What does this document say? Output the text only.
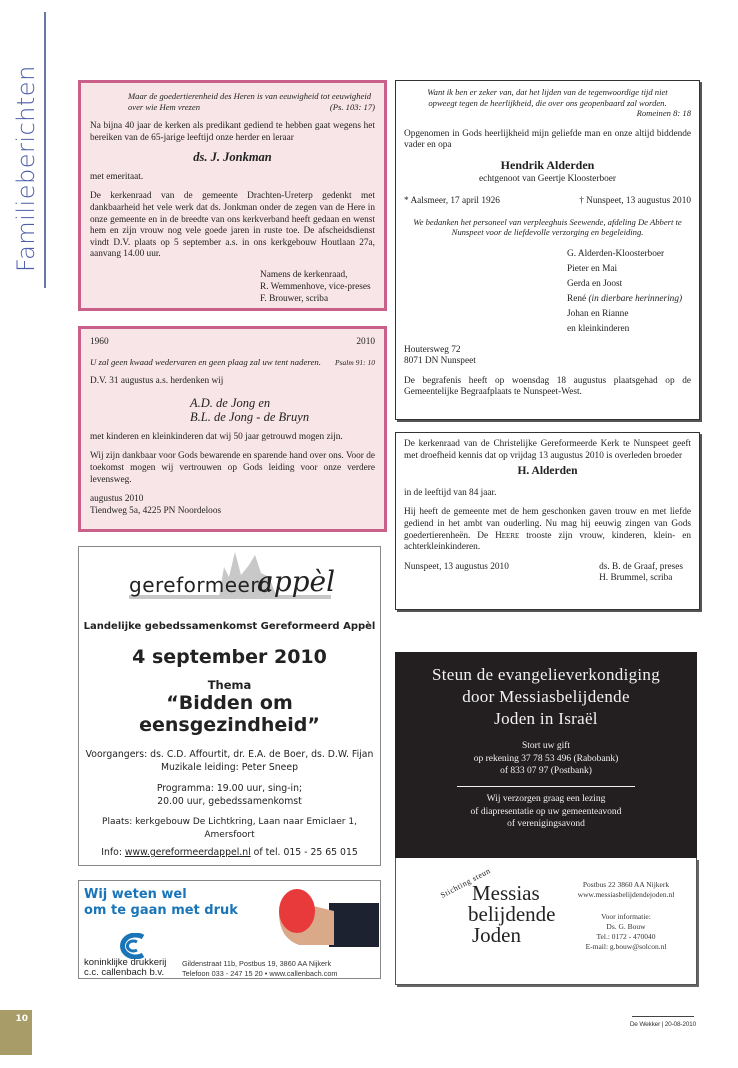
Familieberichten	Maar de goedertierenheid des Heren is van eeuwigheid tot eeuwigheid over wie Hem vrezen	(Ps. 103: 17)

Na bijna 40 jaar de kerken als predikant gediend te hebben gaat wegens het bereiken van de 65-jarige leeftijd onze herder en leraar

ds. J. Jonkman

met emeritaat.

De kerkenraad van de gemeente Drachten-Ureterp gedenkt met dankbaarheid het vele werk dat ds. Jonkman onder de zegen van de Here in onze gemeente en in de breedte van ons kerkverband heeft gedaan en wenst hem en zijn vrouw nog vele goede jaren in ruste toe. De afscheidsdienst vindt D.V. plaats op 5 september a.s. in ons kerkgebouw Houtlaan 27a, aanvang 14.00 uur.

Namens de kerkenraad,
R. Wemmenhove, vice-preses
F. Brouwer, scriba
1960	2010
U zal geen kwaad wedervaren en geen plaag zal uw tent naderen. Psalm 91: 10

D.V. 31 augustus a.s. herdenken wij

A.D. de Jong en
B.L. de Jong - de Bruyn

met kinderen en kleinkinderen dat wij 50 jaar getrouwd mogen zijn.

Wij zijn dankbaar voor Gods bewarende en sparende hand over ons. Voor de toekomst mogen wij vertrouwen op Gods leiding voor onze verdere levensweg.

augustus 2010
Tiendweg 5a, 4225 PN Noordeloos
gereformeerd
appèl
Landelijke gebedssamenkomst Gereformeerd Appèl
4 september 2010
Thema
“Bidden om eensgezindheid”
Voorgangers: ds. C.D. Affourtit, dr. E.A. de Boer, ds. D.W. Fijan
Muzikale leiding: Peter Sneep
Programma: 19.00 uur, sing-in;
20.00 uur, gebedssamenkomst
Plaats: kerkgebouw De Lichtkring, Laan naar Emiclaer 1, Amersfoort
Info: www.gereformeerdappel.nl of tel. 015 - 25 65 015
Wij weten wel
om te gaan met druk
koninklijke drukkerij
c.c. callenbach b.v.
Gildenstraat 11b, Postbus 19, 3860 AA Nijkerk
Telefoon 033 - 247 15 20 • www.callenbach.com
Want ik ben er zeker van, dat het lijden van de tegenwoordige tijd niet opweegt tegen de heerlijkheid, die over ons geopenbaard zal worden.
Romeinen 8: 18

Opgenomen in Gods heerlijkheid mijn geliefde man en onze altijd biddende vader en opa

Hendrik Alderden
echtgenoot van Geertje Kloosterboer
* Aalsmeer, 17 april 1926	† Nunspeet, 13 augustus 2010
We bedanken het personeel van verpleeghuis Seewende, afdeling De Abbert te Nunspeet voor de liefdevolle verzorging en begeleiding.
G. Alderden-Kloosterboer
Pieter en Mai
Gerda en Joost
René (in dierbare herinnering)
Johan en Rianne
en kleinkinderen
Houtersweg 72
8071 DN Nunspeet

De begrafenis heeft op woensdag 18 augustus plaatsgehad op de Gemeentelijke Begraafplaats te Nunspeet-West.

De kerkenraad van de Christelijke Gereformeerde Kerk te Nunspeet geeft met droefheid kennis dat op vrijdag 13 augustus 2010 is overleden broeder

H. Alderden

in de leeftijd van 84 jaar.

Hij heeft de gemeente met de hem geschonken gaven trouw en met liefde gediend in het ambt van ouderling. Nu mag hij eeuwig zingen van Gods goedertierenheën. De Heere trooste zijn vrouw, kinderen, klein- en achterkleinkinderen.

Nunspeet, 13 augustus 2010	ds. B. de Graaf, preses
H. Brummel, scriba
Steun de evangelieverkondiging
door Messiasbelijdende
Joden in Israël
Stort uw gift
op rekening 37 78 53 496 (Rabobank)
of 833 07 97 (Postbank)
Wij verzorgen graag een lezing
of diapresentatie op uw gemeenteavond
of verenigingsavond
Stichting steun
Messias
belijdende
Joden
Postbus 22 3860 AA Nijkerk
www.messiasbelijdendejoden.nl
Voor informatie:
Ds. G. Bouw
Tel.: 0172 - 470040
E-mail: g.bouw@solcon.nl
10
De Wekker | 20-08-2010
